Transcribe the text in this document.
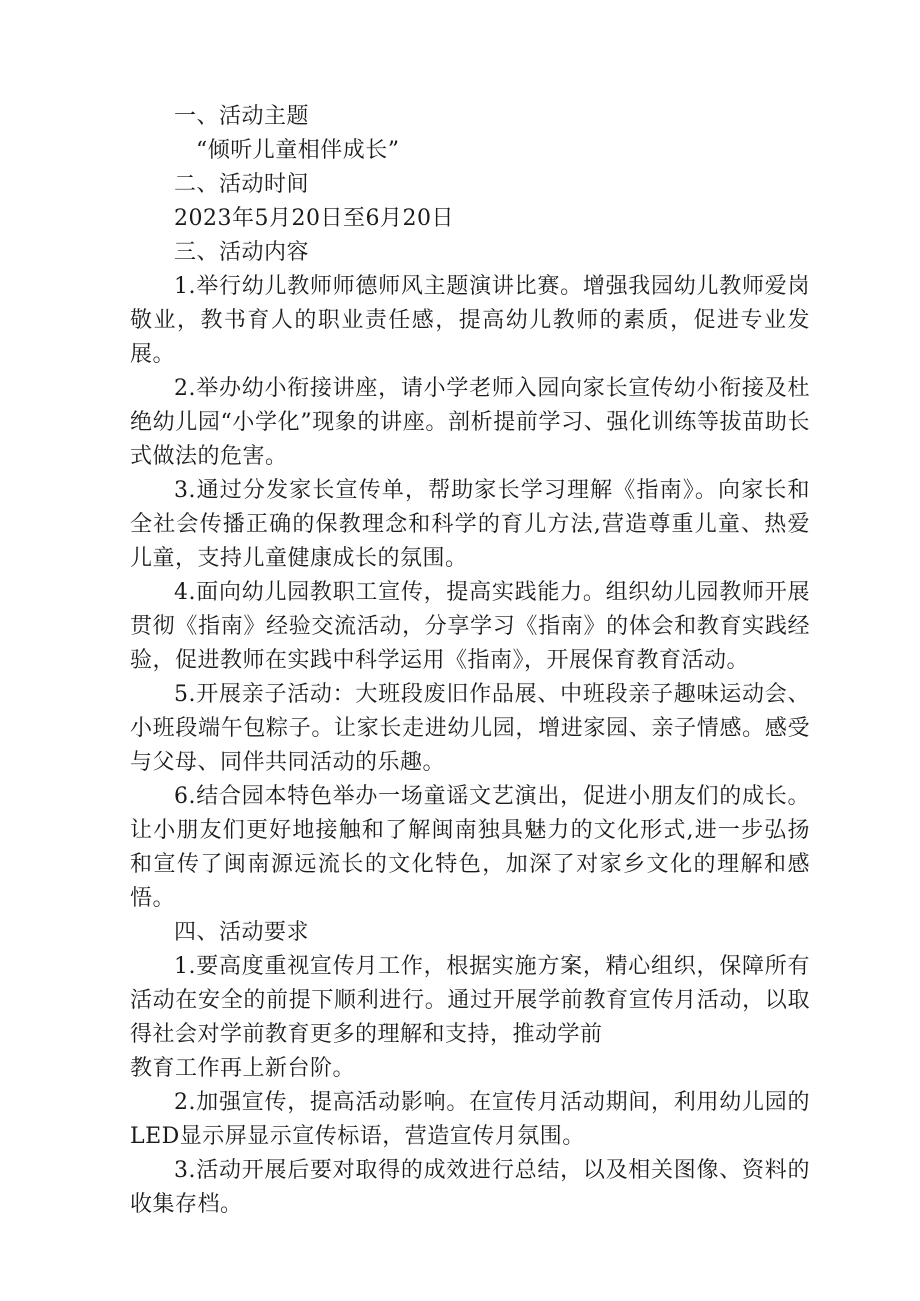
一、活动主题

“倾听儿童相伴成长”

二、活动时间

2023年5月20日至6月20日

三、活动内容

1.举行幼儿教师师德师风主题演讲比赛。增强我园幼儿教师爱岗敬业，教书育人的职业责任感，提高幼儿教师的素质，促进专业发展。

2.举办幼小衔接讲座，请小学老师入园向家长宣传幼小衔接及杜绝幼儿园“小学化”现象的讲座。剖析提前学习、强化训练等拔苗助长式做法的危害。

3.通过分发家长宣传单，帮助家长学习理解《指南》。向家长和全社会传播正确的保教理念和科学的育儿方法,营造尊重儿童、热爱儿童，支持儿童健康成长的氛围。

4.面向幼儿园教职工宣传，提高实践能力。组织幼儿园教师开展贯彻《指南》经验交流活动，分享学习《指南》的体会和教育实践经验，促进教师在实践中科学运用《指南》，开展保育教育活动。

5.开展亲子活动：大班段废旧作品展、中班段亲子趣味运动会、小班段端午包粽子。让家长走进幼儿园，增进家园、亲子情感。感受与父母、同伴共同活动的乐趣。

6.结合园本特色举办一场童谣文艺演出，促进小朋友们的成长。让小朋友们更好地接触和了解闽南独具魅力的文化形式,进一步弘扬和宣传了闽南源远流长的文化特色，加深了对家乡文化的理解和感悟。

四、活动要求

1.要高度重视宣传月工作，根据实施方案，精心组织，保障所有活动在安全的前提下顺利进行。通过开展学前教育宣传月活动，以取得社会对学前教育更多的理解和支持，推动学前

教育工作再上新台阶。

2.加强宣传，提高活动影响。在宣传月活动期间，利用幼儿园的LED显示屏显示宣传标语，营造宣传月氛围。

3.活动开展后要对取得的成效进行总结，以及相关图像、资料的收集存档。
